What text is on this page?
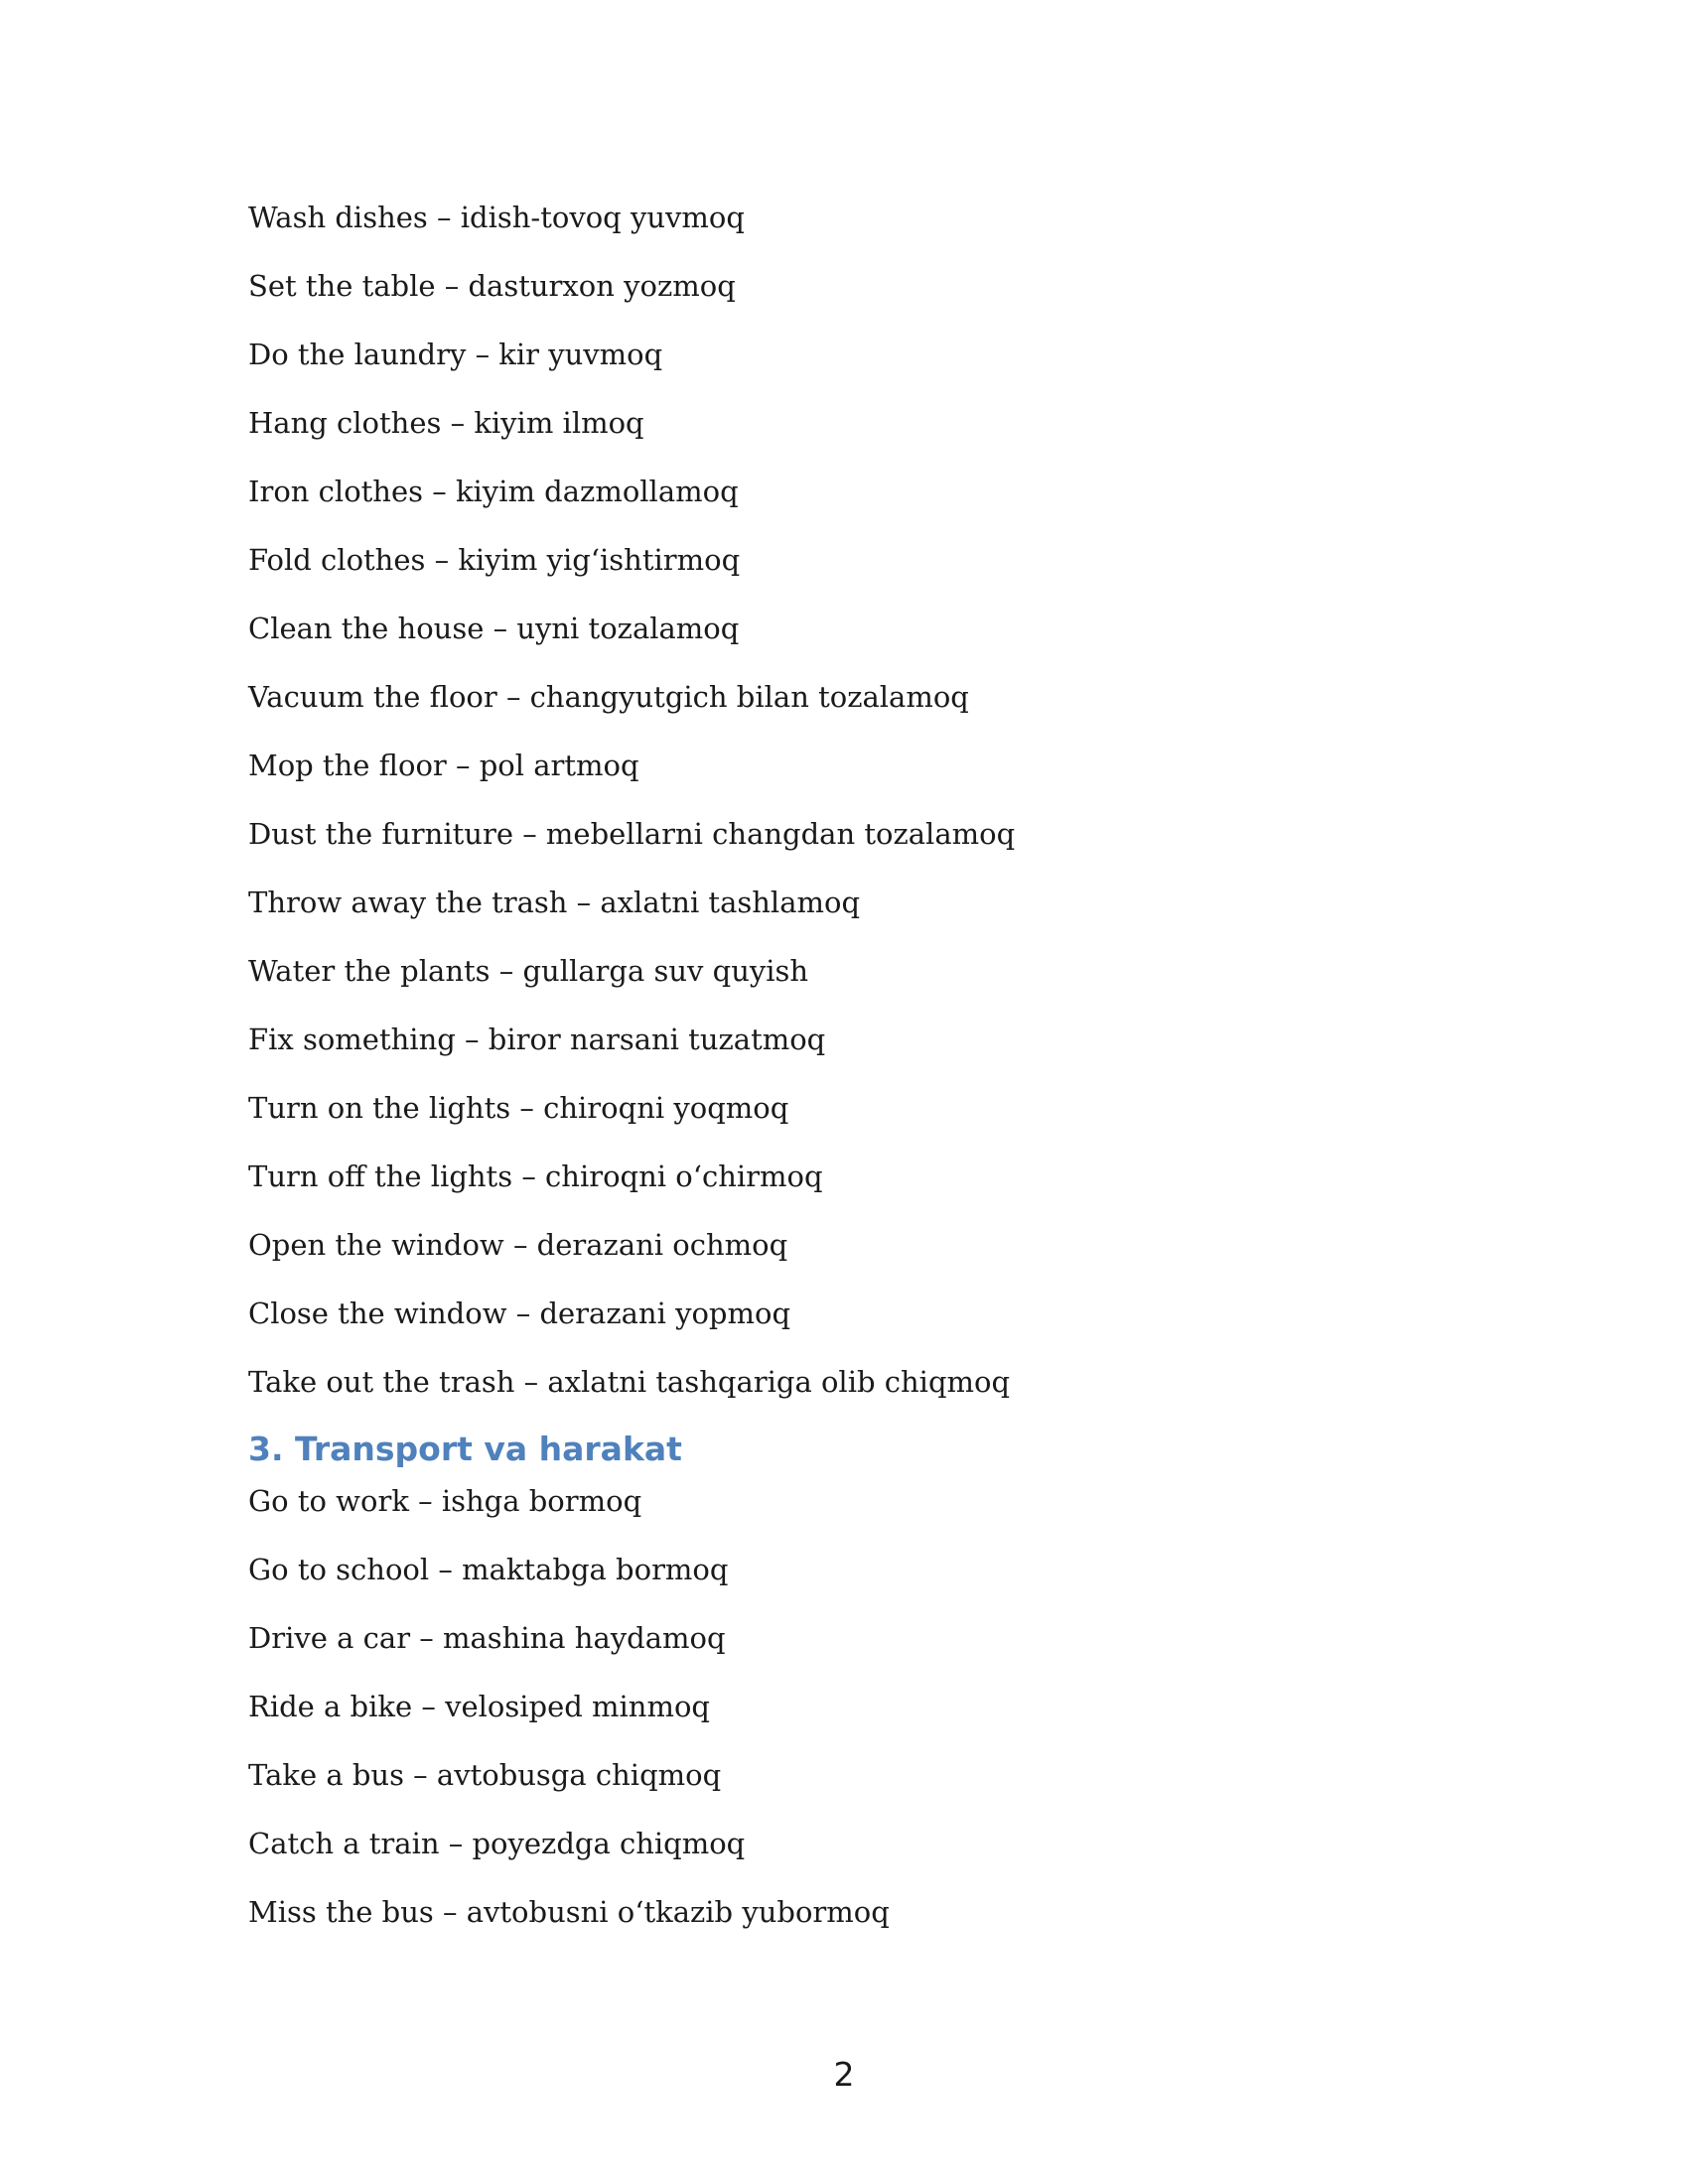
Wash dishes – idish-tovoq yuvmoq
Set the table – dasturxon yozmoq
Do the laundry – kir yuvmoq
Hang clothes – kiyim ilmoq
Iron clothes – kiyim dazmollamoq
Fold clothes – kiyim yig‘ishtirmoq
Clean the house – uyni tozalamoq
Vacuum the floor – changyutgich bilan tozalamoq
Mop the floor – pol artmoq
Dust the furniture – mebellarni changdan tozalamoq
Throw away the trash – axlatni tashlamoq
Water the plants – gullarga suv quyish
Fix something – biror narsani tuzatmoq
Turn on the lights – chiroqni yoqmoq
Turn off the lights – chiroqni o‘chirmoq
Open the window – derazani ochmoq
Close the window – derazani yopmoq
Take out the trash – axlatni tashqariga olib chiqmoq
3. Transport va harakat
Go to work – ishga bormoq
Go to school – maktabga bormoq
Drive a car – mashina haydamoq
Ride a bike – velosiped minmoq
Take a bus – avtobusga chiqmoq
Catch a train – poyezdga chiqmoq
Miss the bus – avtobusni o‘tkazib yubormoq
2
